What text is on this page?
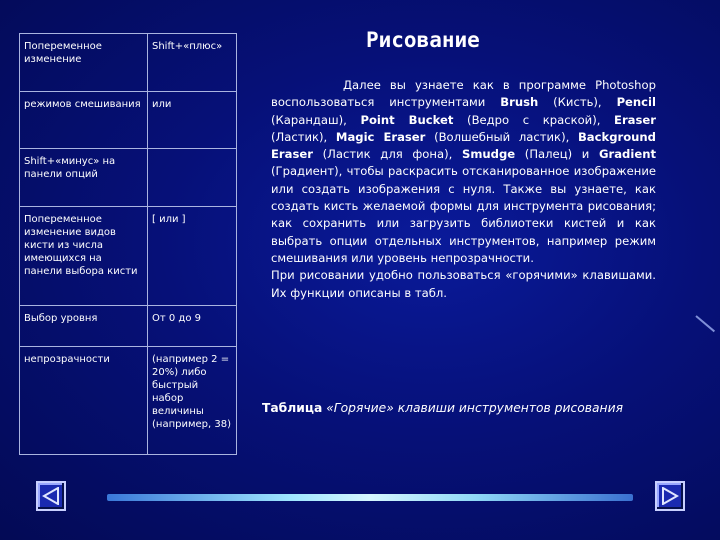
Попеременное изменение	Shift+«плюс»
режимов смешивания	или
Shift+«минус» на панели опций	
Попеременное изменение видов кисти из числа имеющихся на панели выбора кисти	[ или ]
Выбор уровня	От 0 до 9
непрозрачности	(например 2 = 20%) либо быстрый набор величины (например, 38)
Рисование

Далее вы узнаете как в программе Photoshop воспользоваться инструментами Brush (Кисть), Pencil (Карандаш), Point Bucket (Ведро с краской), Eraser (Ластик), Magic Eraser (Волшебный ластик), Background Eraser (Ластик для фона), Smudge (Палец) и Gradient (Градиент), чтобы раскрасить отсканированное изображение или создать изображения с нуля. Также вы узнаете, как создать кисть желаемой формы для инструмента рисования; как сохранить или загрузить библиотеки кистей и как выбрать опции отдельных инструментов, например режим смешивания или уровень непрозрачности.

При рисовании удобно пользоваться «горячими» клавишами. Их функции описаны в табл.

Таблица «Горячие» клавиши инструментов рисования
